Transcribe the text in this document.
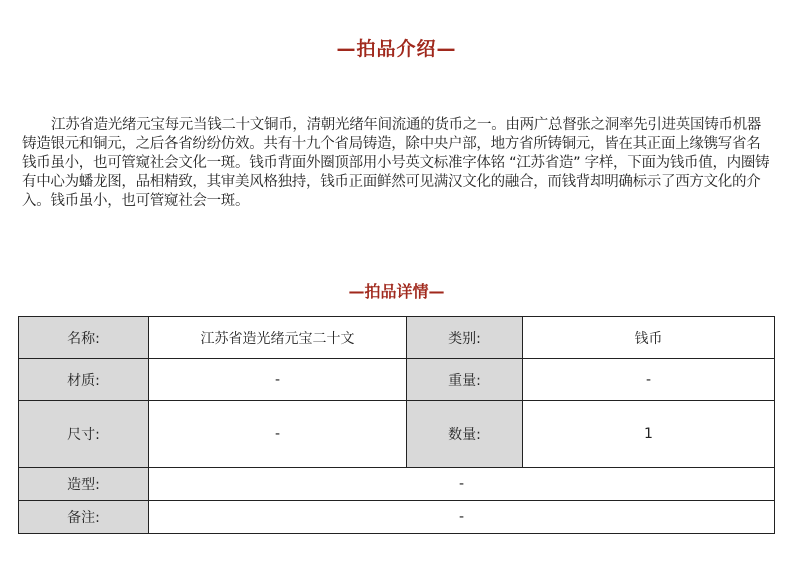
—拍品介绍—

江苏省造光绪元宝每元当钱二十文铜币，清朝光绪年间流通的货币之一。由两广总督张之洞率先引进英国铸币机器铸造银元和铜元，之后各省纷纷仿效。共有十九个省局铸造，除中央户部，地方省所铸铜元，皆在其正面上缘镌写省名钱币虽小，也可管窥社会文化一斑。钱币背面外圈顶部用小号英文标准字体铭 “江苏省造” 字样，下面为钱币值，内圈铸有中心为蟠龙图，品相精致，其审美风格独持，钱币正面鲜然可见满汉文化的融合，而钱背却明确标示了西方文化的介入。钱币虽小，也可管窥社会一斑。

—拍品详情—
名称:	江苏省造光绪元宝二十文	类别:	钱币
材质:	-	重量:	-
尺寸:	-	数量:	1
造型:	-		
备注:	-		
